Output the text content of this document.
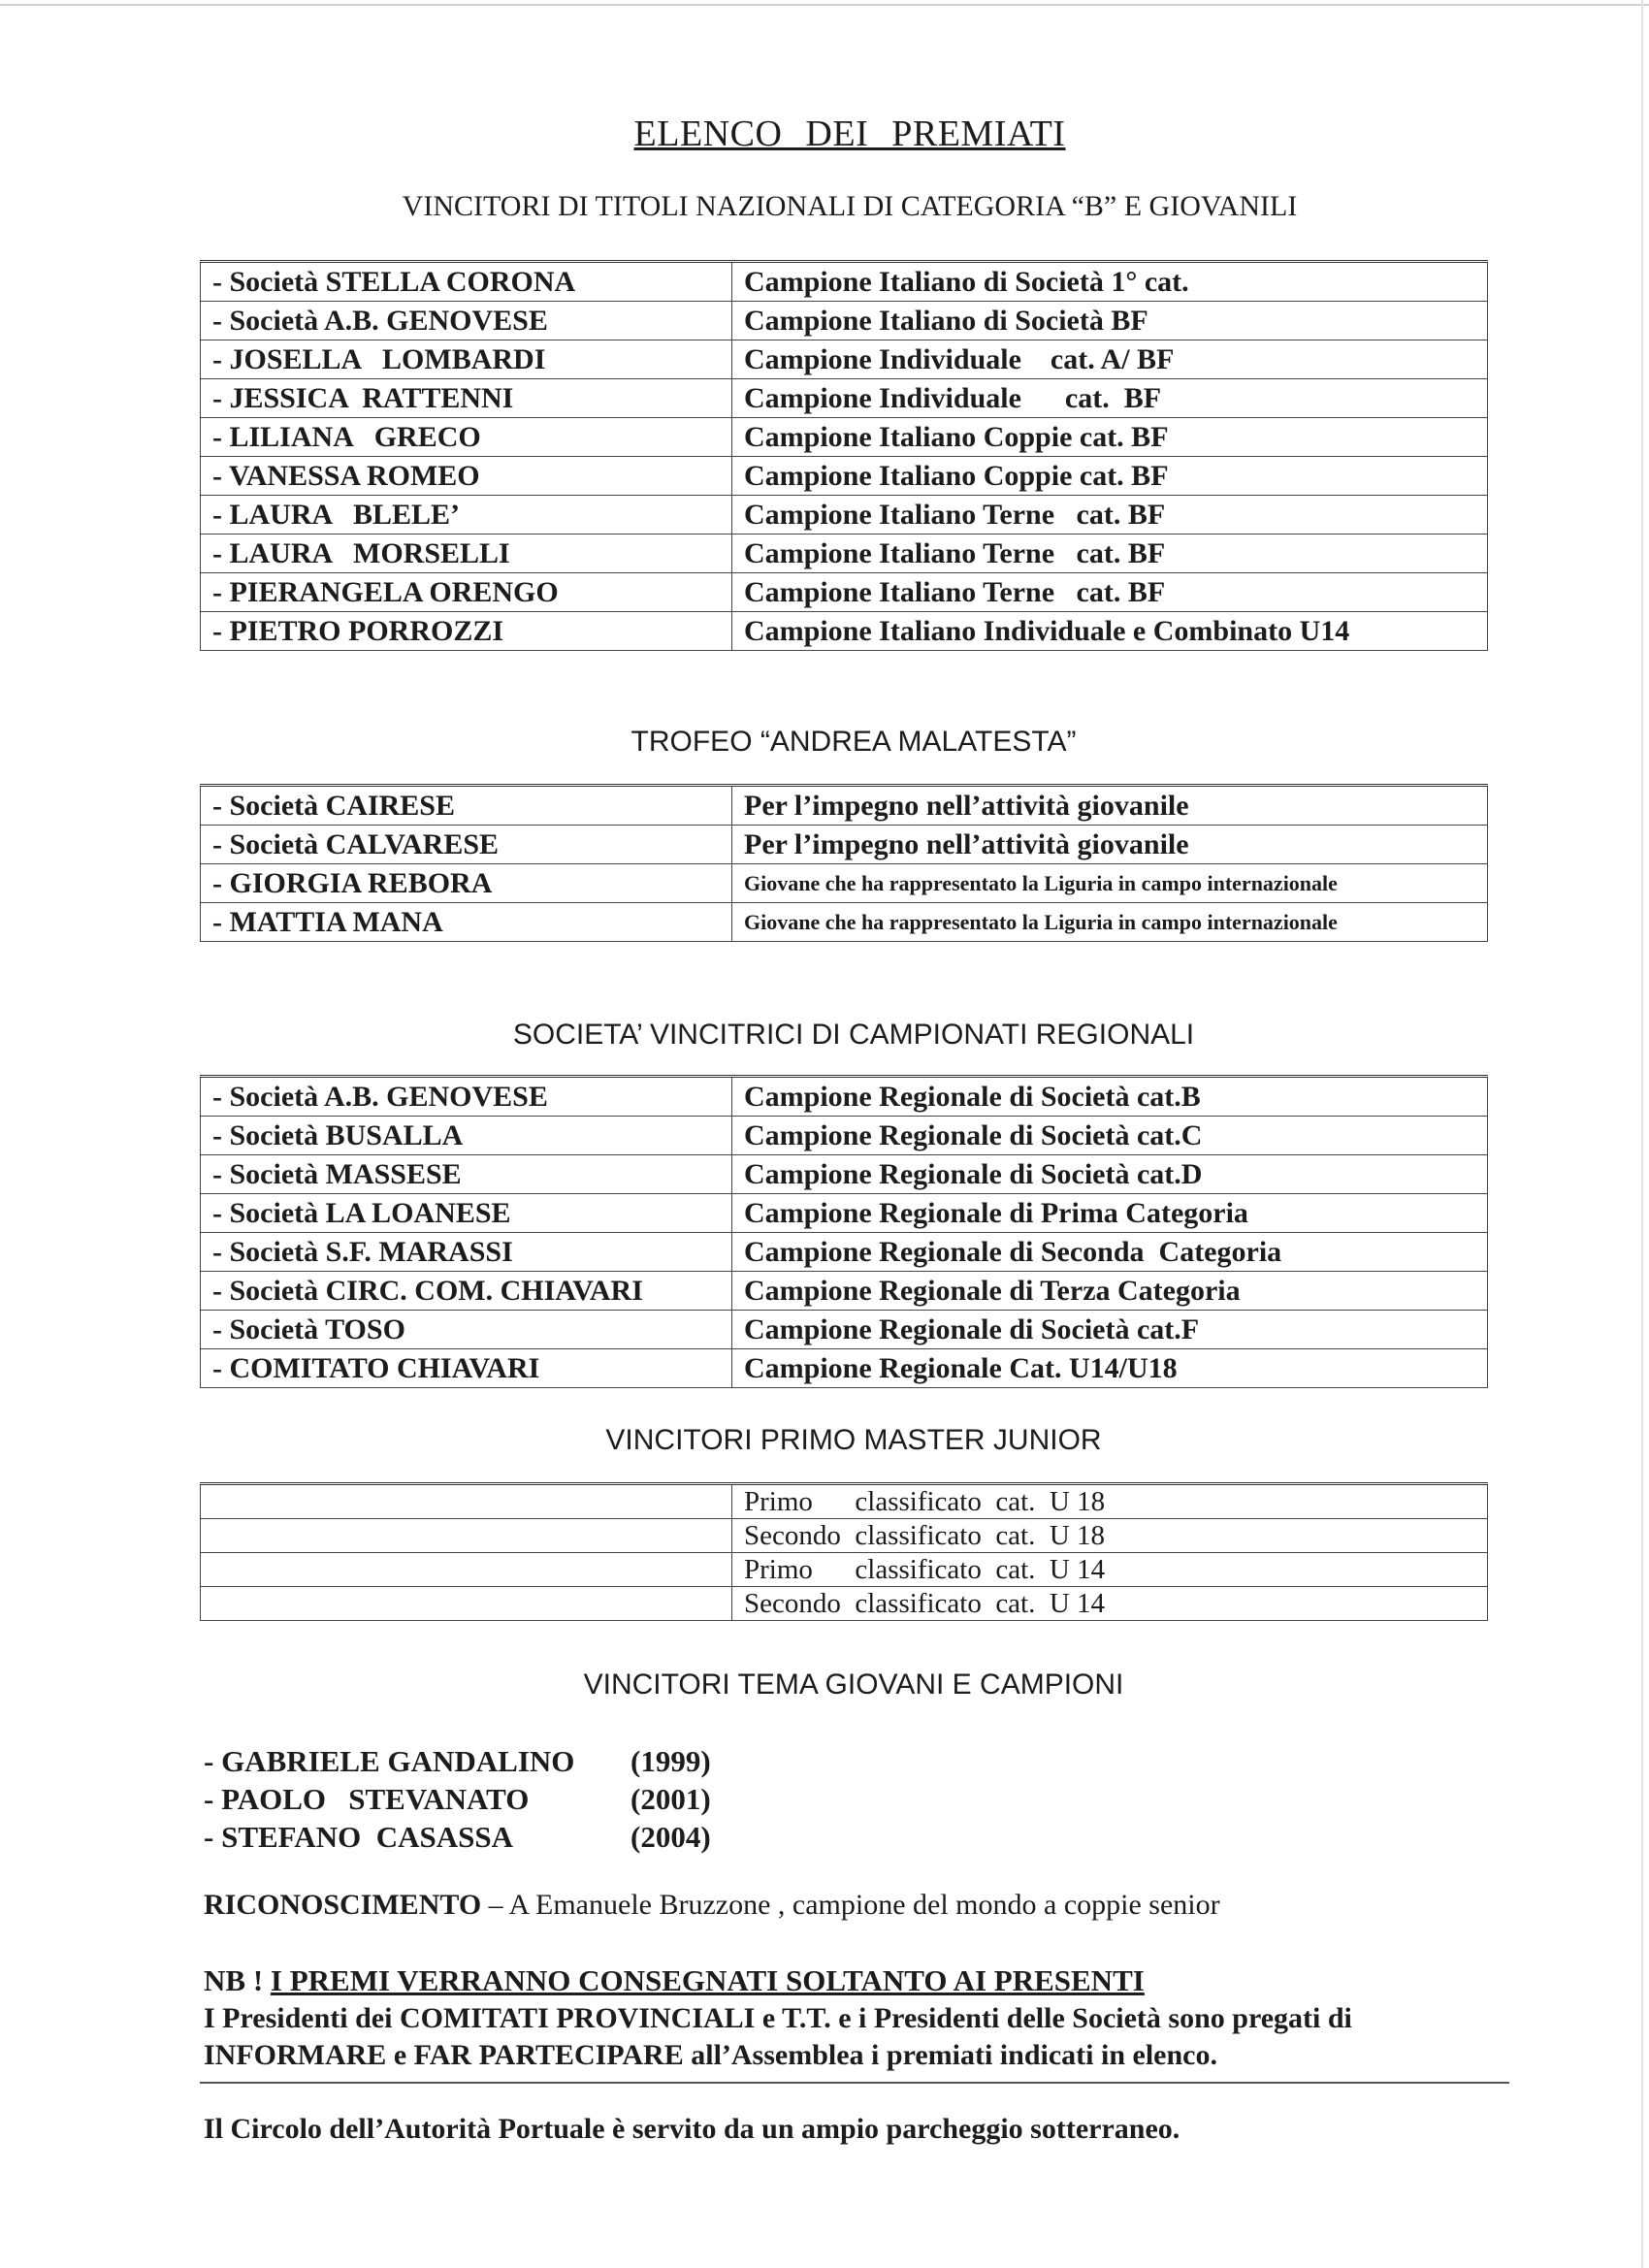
ELENCO DEI PREMIATI
VINCITORI DI TITOLI NAZIONALI DI CATEGORIA “B” E GIOVANILI
- Società STELLA CORONA	Campione Italiano di Società 1° cat.
- Società A.B. GENOVESE	Campione Italiano di Società BF
- JOSELLA   LOMBARDI	Campione Individuale    cat. A/ BF
- JESSICA  RATTENNI	Campione Individuale      cat.  BF
- LILIANA   GRECO	Campione Italiano Coppie cat. BF
- VANESSA ROMEO	Campione Italiano Coppie cat. BF
- LAURA   BLELE’	Campione Italiano Terne   cat. BF
- LAURA   MORSELLI	Campione Italiano Terne   cat. BF
- PIERANGELA ORENGO	Campione Italiano Terne   cat. BF
- PIETRO PORROZZI	Campione Italiano Individuale e Combinato U14
TROFEO “ANDREA MALATESTA”
- Società CAIRESE	Per l’impegno nell’attività giovanile
- Società CALVARESE	Per l’impegno nell’attività giovanile
- GIORGIA REBORA	Giovane che ha rappresentato la Liguria in campo internazionale
- MATTIA MANA	Giovane che ha rappresentato la Liguria in campo internazionale
SOCIETA’ VINCITRICI DI CAMPIONATI REGIONALI
- Società A.B. GENOVESE	Campione Regionale di Società cat.B
- Società BUSALLA	Campione Regionale di Società cat.C
- Società MASSESE	Campione Regionale di Società cat.D
- Società LA LOANESE	Campione Regionale di Prima Categoria
- Società S.F. MARASSI	Campione Regionale di Seconda  Categoria
- Società CIRC. COM. CHIAVARI	Campione Regionale di Terza Categoria
- Società TOSO	Campione Regionale di Società cat.F
- COMITATO CHIAVARI	Campione Regionale Cat. U14/U18
VINCITORI PRIMO MASTER JUNIOR
	Primo      classificato  cat.  U 18
	Secondo  classificato  cat.  U 18
	Primo      classificato  cat.  U 14
	Secondo  classificato  cat.  U 14
VINCITORI TEMA GIOVANI E CAMPIONI
- GABRIELE GANDALINO	(1999)
- PAOLO   STEVANATO	(2001)
- STEFANO  CASASSA	(2004)
RICONOSCIMENTO – A Emanuele Bruzzone , campione del mondo a coppie senior
NB ! I PREMI VERRANNO CONSEGNATI SOLTANTO AI PRESENTI
I Presidenti dei COMITATI PROVINCIALI e T.T. e i Presidenti delle Società sono pregati di INFORMARE e FAR PARTECIPARE all’Assemblea i premiati indicati in elenco.
Il Circolo dell’Autorità Portuale è servito da un ampio parcheggio sotterraneo.
